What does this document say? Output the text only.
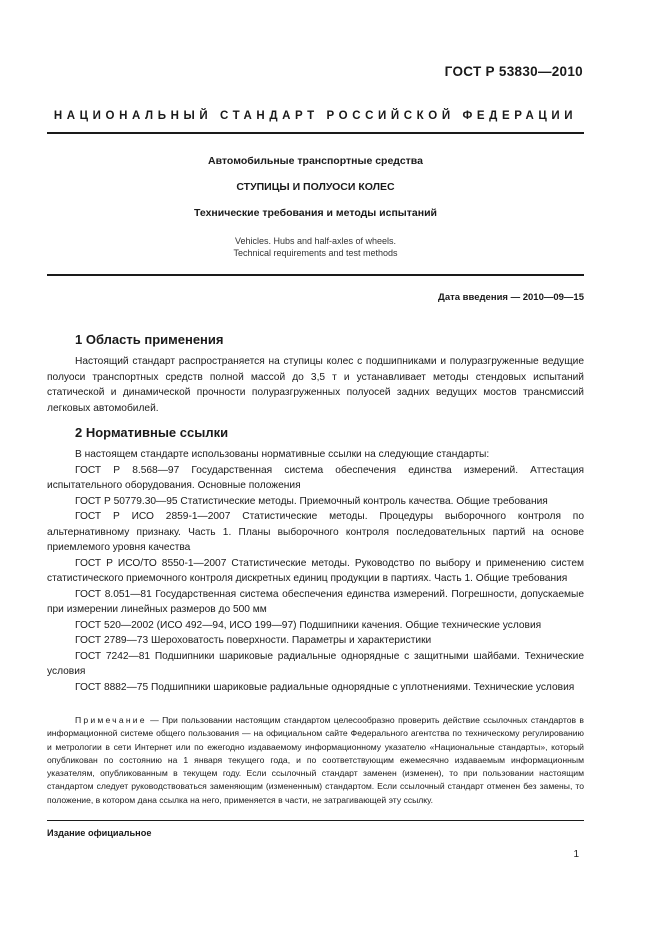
ГОСТ Р 53830—2010
НАЦИОНАЛЬНЫЙ СТАНДАРТ РОССИЙСКОЙ ФЕДЕРАЦИИ
Автомобильные транспортные средства
СТУПИЦЫ И ПОЛУОСИ КОЛЕС
Технические требования и методы испытаний
Vehicles. Hubs and half-axles of wheels.
Technical requirements and test methods
Дата введения — 2010—09—15
1 Область применения

Настоящий стандарт распространяется на ступицы колес с подшипниками и полуразгруженные ведущие полуоси транспортных средств полной массой до 3,5 т и устанавливает методы стендовых испытаний статической и динамической прочности полуразгруженных полуосей задних ведущих мостов трансмиссий легковых автомобилей.

2 Нормативные ссылки

В настоящем стандарте использованы нормативные ссылки на следующие стандарты:

ГОСТ Р 8.568—97 Государственная система обеспечения единства измерений. Аттестация испытательного оборудования. Основные положения

ГОСТ Р 50779.30—95 Статистические методы. Приемочный контроль качества. Общие требования

ГОСТ Р ИСО 2859-1—2007 Статистические методы. Процедуры выборочного контроля по альтернативному признаку. Часть 1. Планы выборочного контроля последовательных партий на основе приемлемого уровня качества

ГОСТ Р ИСО/ТО 8550-1—2007 Статистические методы. Руководство по выбору и применению систем статистического приемочного контроля дискретных единиц продукции в партиях. Часть 1. Общие требования

ГОСТ 8.051—81 Государственная система обеспечения единства измерений. Погрешности, допускаемые при измерении линейных размеров до 500 мм

ГОСТ 520—2002 (ИСО 492—94, ИСО 199—97) Подшипники качения. Общие технические условия

ГОСТ 2789—73 Шероховатость поверхности. Параметры и характеристики

ГОСТ 7242—81 Подшипники шариковые радиальные однорядные с защитными шайбами. Технические условия

ГОСТ 8882—75 Подшипники шариковые радиальные однорядные с уплотнениями. Технические условия

Примечание — При пользовании настоящим стандартом целесообразно проверить действие ссылочных стандартов в информационной системе общего пользования — на официальном сайте Федерального агентства по техническому регулированию и метрологии в сети Интернет или по ежегодно издаваемому информационному указателю «Национальные стандарты», который опубликован по состоянию на 1 января текущего года, и по соответствующим ежемесячно издаваемым информационным указателям, опубликованным в текущем году. Если ссылочный стандарт заменен (изменен), то при пользовании настоящим стандартом следует руководствоваться заменяющим (измененным) стандартом. Если ссылочный стандарт отменен без замены, то положение, в котором дана ссылка на него, применяется в части, не затрагивающей эту ссылку.

Издание официальное
1
